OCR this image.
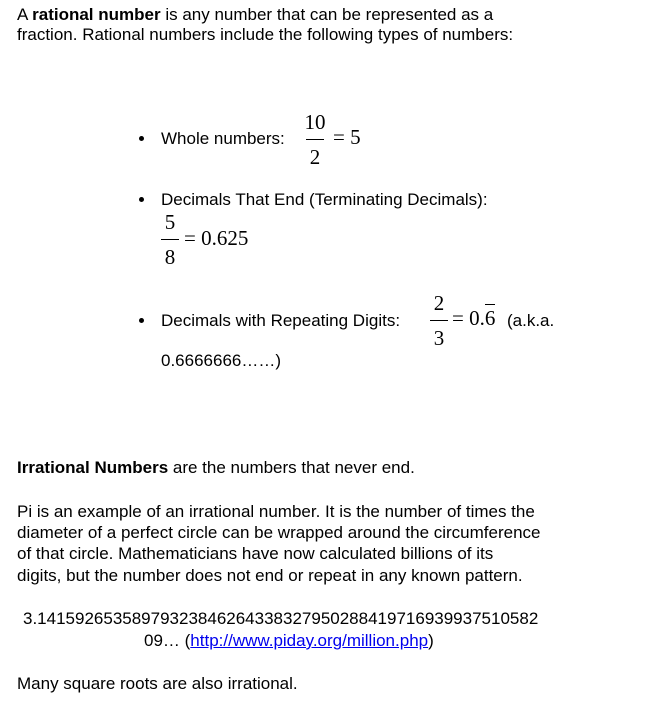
A rational number is any number that can be represented as a
fraction. Rational numbers include the following types of numbers:
Whole numbers:
10
2
= 5
Decimals That End (Terminating Decimals):
5
8
= 0.625
Decimals with Repeating Digits:
2
3
= 0.6 (a.k.a.
0.6666666……)
Irrational Numbers are the numbers that never end.
Pi is an example of an irrational number. It is the number of times the
diameter of a perfect circle can be wrapped around the circumference
of that circle. Mathematicians have now calculated billions of its
digits, but the number does not end or repeat in any known pattern.
3.14159265358979323846264338327950288419716939937510582
09… (http://www.piday.org/million.php)
Many square roots are also irrational.
